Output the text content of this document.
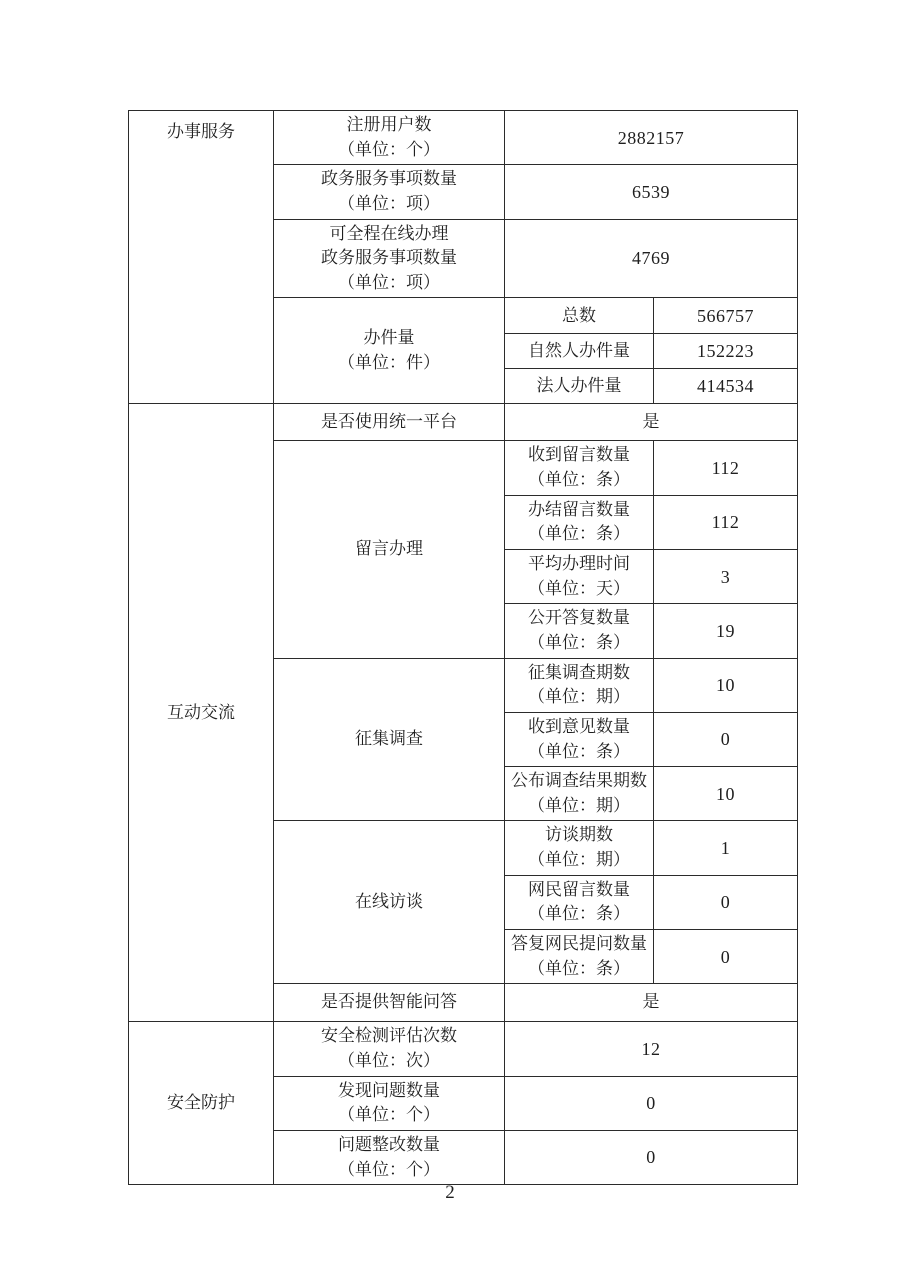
办事服务	注册用户数
（单位：个）	2882157	

	政务服务事项数量
（单位：项）	6539	

	可全程在线办理
政务服务事项数量
（单位：项）	4769	

	办件量
（单位：件）	总数	566757
		自然人办件量	152223
		法人办件量	414534
互动交流	是否使用统一平台	是	
	留言办理	收到留言数量
（单位：条）	112

		办结留言数量
（单位：条）	112

		平均办理时间
（单位：天）	3

		公开答复数量
（单位：条）	19
	征集调查	征集调查期数
（单位：期）	10

		收到意见数量
（单位：条）	0

		公布调查结果期数
（单位：期）	10
	在线访谈	访谈期数
（单位：期）	1

		网民留言数量
（单位：条）	0

		答复网民提问数量
（单位：条）	0
	是否提供智能问答	是	
安全防护	安全检测评估次数
（单位：次）	12	

	发现问题数量
（单位：个）	0	

	问题整改数量
（单位：个）	0	
2
